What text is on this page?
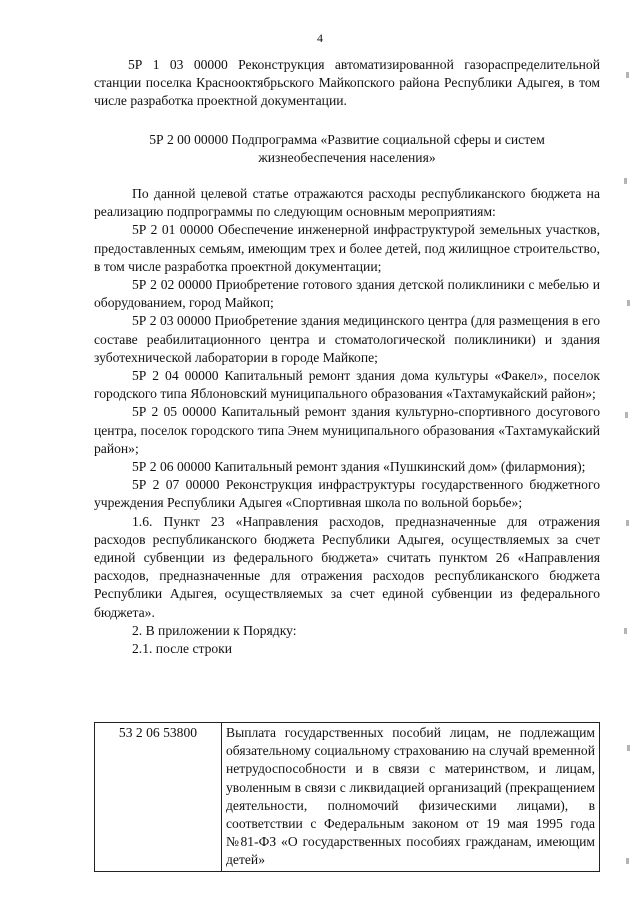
4

5Р 1 03 00000 Реконструкция автоматизированной газораспределительной станции поселка Краснооктябрьского Майкопского района Республики Адыгея, в том числе разработка проектной документации.

5Р 2 00 00000 Подпрограмма «Развитие социальной сферы и систем жизнеобеспечения населения»

По данной целевой статье отражаются расходы республиканского бюджета на реализацию подпрограммы по следующим основным мероприятиям:

5Р 2 01 00000 Обеспечение инженерной инфраструктурой земельных участков, предоставленных семьям, имеющим трех и более детей, под жилищное строительство, в том числе разработка проектной документации;

5Р 2 02 00000 Приобретение готового здания детской поликлиники с мебелью и оборудованием, город Майкоп;

5Р 2 03 00000 Приобретение здания медицинского центра (для размещения в его составе реабилитационного центра и стоматологической поликлиники) и здания зуботехнической лаборатории в городе Майкопе;

5Р 2 04 00000 Капитальный ремонт здания дома культуры «Факел», поселок городского типа Яблоновский муниципального образования «Тахтамукайский район»;

5Р 2 05 00000 Капитальный ремонт здания культурно-спортивного досугового центра, поселок городского типа Энем муниципального образования «Тахтамукайский район»;

5Р 2 06 00000 Капитальный ремонт здания «Пушкинский дом» (филармония);

5Р 2 07 00000 Реконструкция инфраструктуры государственного бюджетного учреждения Республики Адыгея «Спортивная школа по вольной борьбе»;

1.6. Пункт 23 «Направления расходов, предназначенные для отражения расходов республиканского бюджета Республики Адыгея, осуществляемых за счет единой субвенции из федерального бюджета» считать пунктом 26 «Направления расходов, предназначенные для отражения расходов республиканского бюджета Республики Адыгея, осуществляемых за счет единой субвенции из федерального бюджета».

2. В приложении к Порядку:

2.1. после строки

53 2 06 53800	Выплата государственных пособий лицам, не подлежащим обязательному социальному страхованию на случай временной нетрудоспособности и в связи с материнством, и лицам, уволенным в связи с ликвидацией организаций (прекращением деятельности, полномочий физическими лицами), в соответствии с Федеральным законом от 19 мая 1995 года №81-ФЗ «О государственных пособиях гражданам, имеющим детей»
